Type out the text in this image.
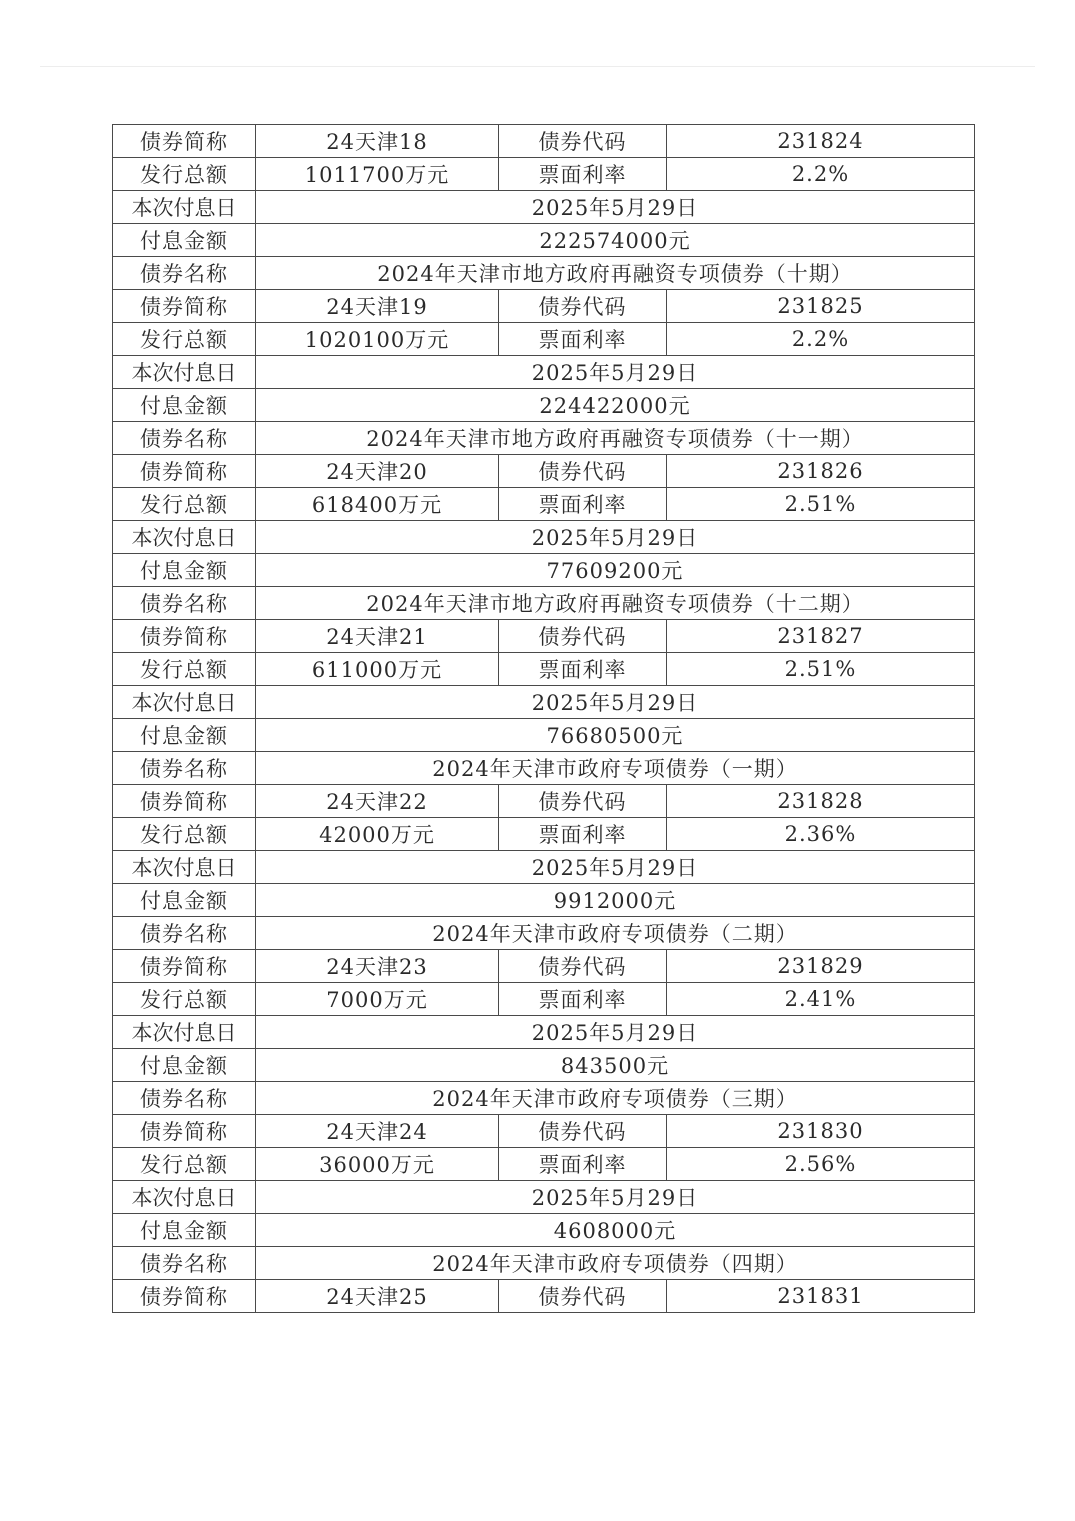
债券简称	24天津18	债券代码	231824
发行总额	1011700万元	票面利率	2.2%
本次付息日	2025年5月29日		
付息金额	222574000元		
债券名称	2024年天津市地方政府再融资专项债券（十期）		
债券简称	24天津19	债券代码	231825
发行总额	1020100万元	票面利率	2.2%
本次付息日	2025年5月29日		
付息金额	224422000元		
债券名称	2024年天津市地方政府再融资专项债券（十一期）		
债券简称	24天津20	债券代码	231826
发行总额	618400万元	票面利率	2.51%
本次付息日	2025年5月29日		
付息金额	77609200元		
债券名称	2024年天津市地方政府再融资专项债券（十二期）		
债券简称	24天津21	债券代码	231827
发行总额	611000万元	票面利率	2.51%
本次付息日	2025年5月29日		
付息金额	76680500元		
债券名称	2024年天津市政府专项债券（一期）		
债券简称	24天津22	债券代码	231828
发行总额	42000万元	票面利率	2.36%
本次付息日	2025年5月29日		
付息金额	9912000元		
债券名称	2024年天津市政府专项债券（二期）		
债券简称	24天津23	债券代码	231829
发行总额	7000万元	票面利率	2.41%
本次付息日	2025年5月29日		
付息金额	843500元		
债券名称	2024年天津市政府专项债券（三期）		
债券简称	24天津24	债券代码	231830
发行总额	36000万元	票面利率	2.56%
本次付息日	2025年5月29日		
付息金额	4608000元		
债券名称	2024年天津市政府专项债券（四期）		
债券简称	24天津25	债券代码	231831
